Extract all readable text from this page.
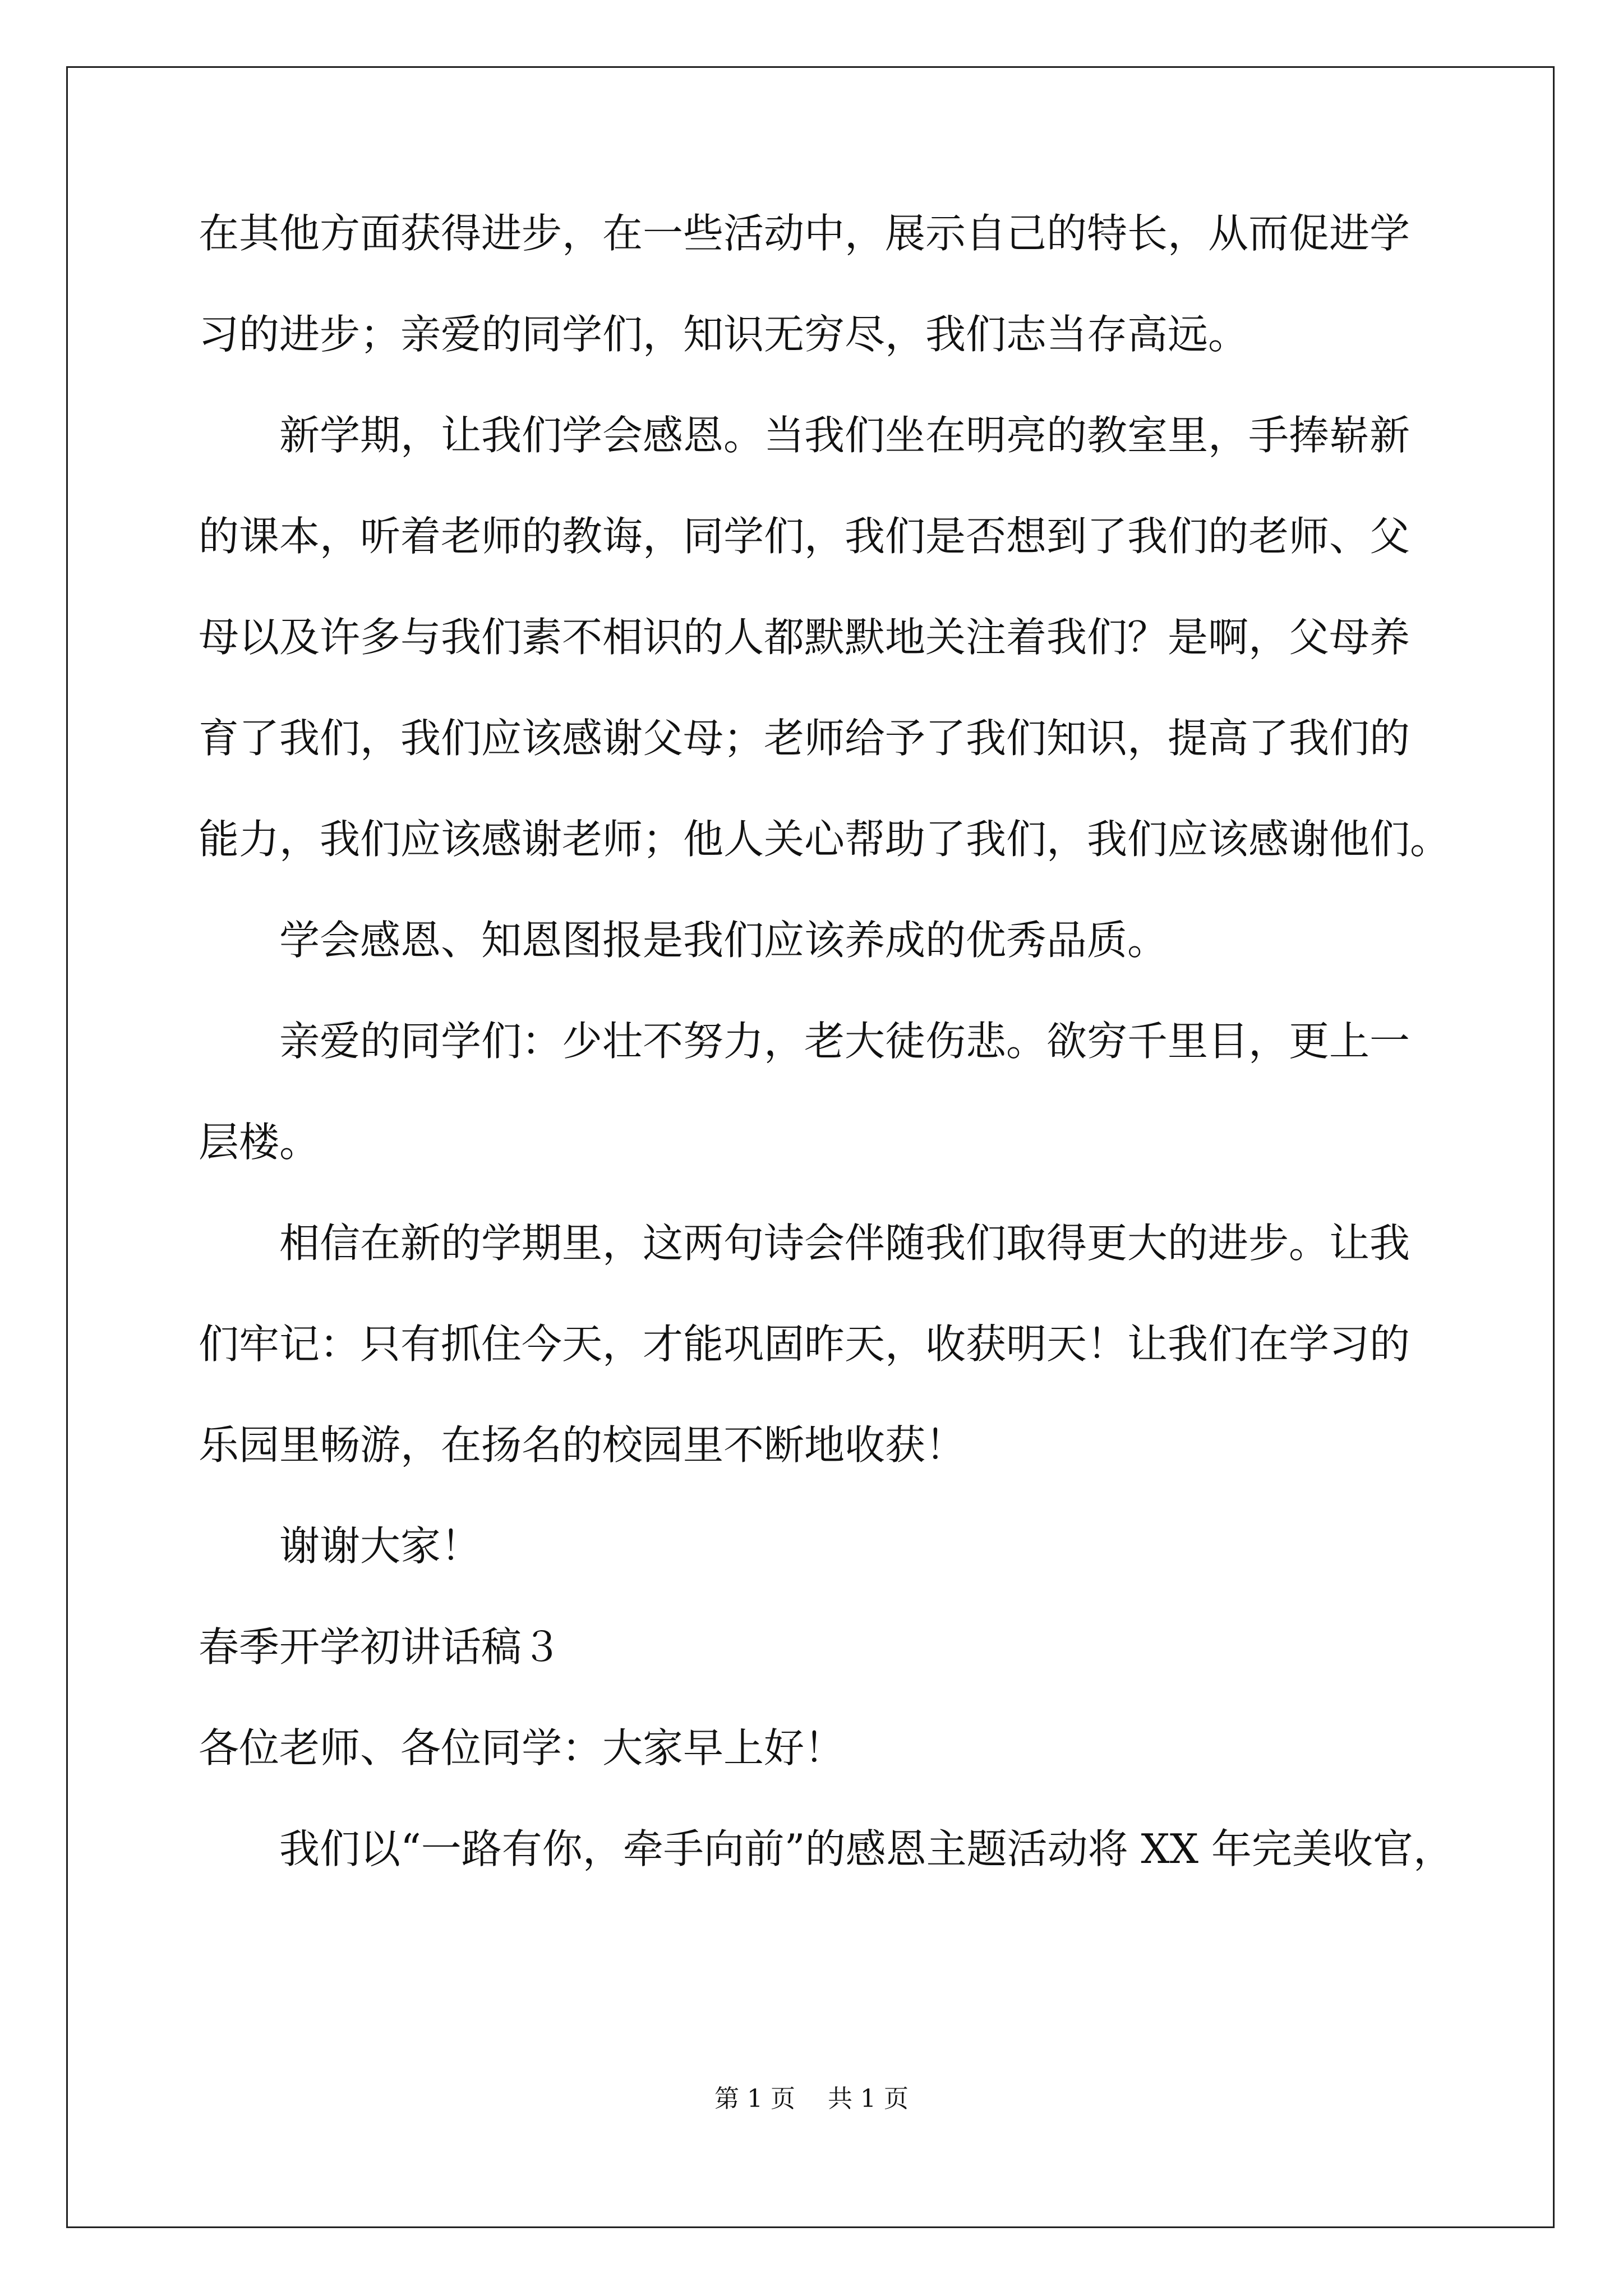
在其他方面获得进步，在一些活动中，展示自己的特长，从而促进学
习的进步；亲爱的同学们，知识无穷尽，我们志当存高远。
新学期，让我们学会感恩。当我们坐在明亮的教室里，手捧崭新
的课本，听着老师的教诲，同学们，我们是否想到了我们的老师、父
母以及许多与我们素不相识的人都默默地关注着我们？是啊，父母养
育了我们，我们应该感谢父母；老师给予了我们知识，提高了我们的
能力，我们应该感谢老师；他人关心帮助了我们，我们应该感谢他们。
学会感恩、知恩图报是我们应该养成的优秀品质。
亲爱的同学们：少壮不努力，老大徒伤悲。欲穷千里目，更上一
层楼。
相信在新的学期里，这两句诗会伴随我们取得更大的进步。让我
们牢记：只有抓住今天，才能巩固昨天，收获明天！让我们在学习的
乐园里畅游，在扬名的校园里不断地收获！
谢谢大家！
春季开学初讲话稿３
各位老师、各位同学：大家早上好！
我们以“一路有你，牵手向前”的感恩主题活动将 XX 年完美收官，
第 1 页 共 1 页
